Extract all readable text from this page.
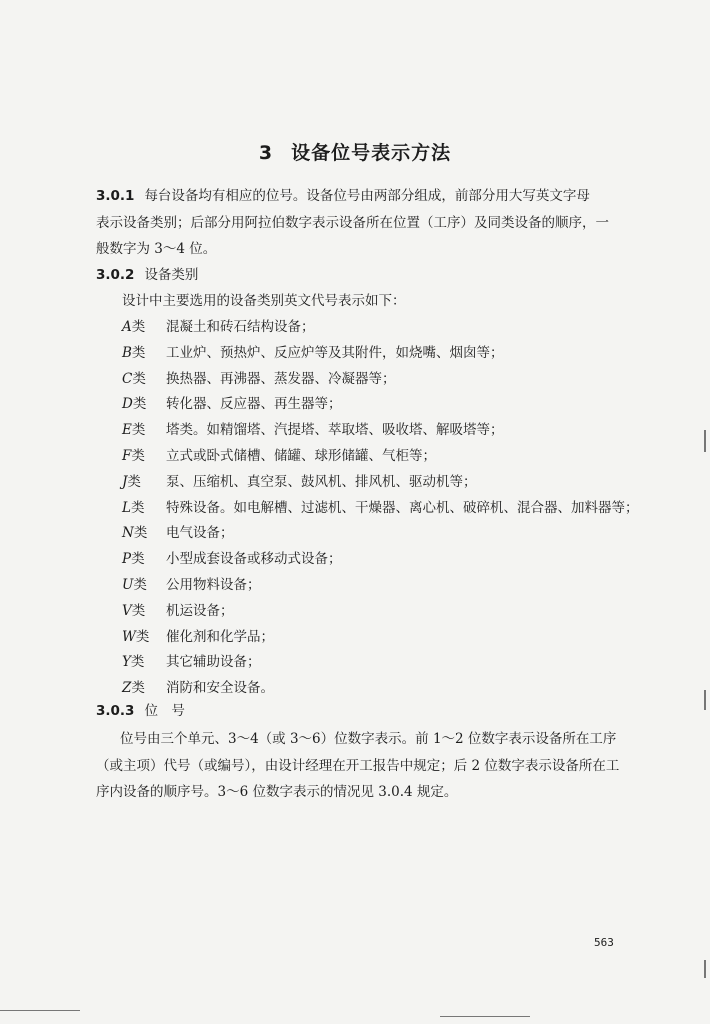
3 设备位号表示方法
3.0.1 每台设备均有相应的位号。设备位号由两部分组成，前部分用大写英文字母
表示设备类别；后部分用阿拉伯数字表示设备所在位置（工序）及同类设备的顺序，一
般数字为 3～4 位。
3.0.2 设备类别
设计中主要选用的设备类别英文代号表示如下：
A类 混凝土和砖石结构设备；
B类 工业炉、预热炉、反应炉等及其附件，如烧嘴、烟囱等；
C类 换热器、再沸器、蒸发器、冷凝器等；
D类 转化器、反应器、再生器等；
E类 塔类。如精馏塔、汽提塔、萃取塔、吸收塔、解吸塔等；
F类 立式或卧式储槽、储罐、球形储罐、气柜等；
J类 泵、压缩机、真空泵、鼓风机、排风机、驱动机等；
L类 特殊设备。如电解槽、过滤机、干燥器、离心机、破碎机、混合器、加料器等；
N类 电气设备；
P类 小型成套设备或移动式设备；
U类 公用物料设备；
V类 机运设备；
W类 催化剂和化学品；
Y类 其它辅助设备；
Z类 消防和安全设备。
3.0.3 位　号
位号由三个单元、3～4（或 3～6）位数字表示。前 1～2 位数字表示设备所在工序
（或主项）代号（或编号），由设计经理在开工报告中规定；后 2 位数字表示设备所在工
序内设备的顺序号。3～6 位数字表示的情况见 3.0.4 规定。
563
